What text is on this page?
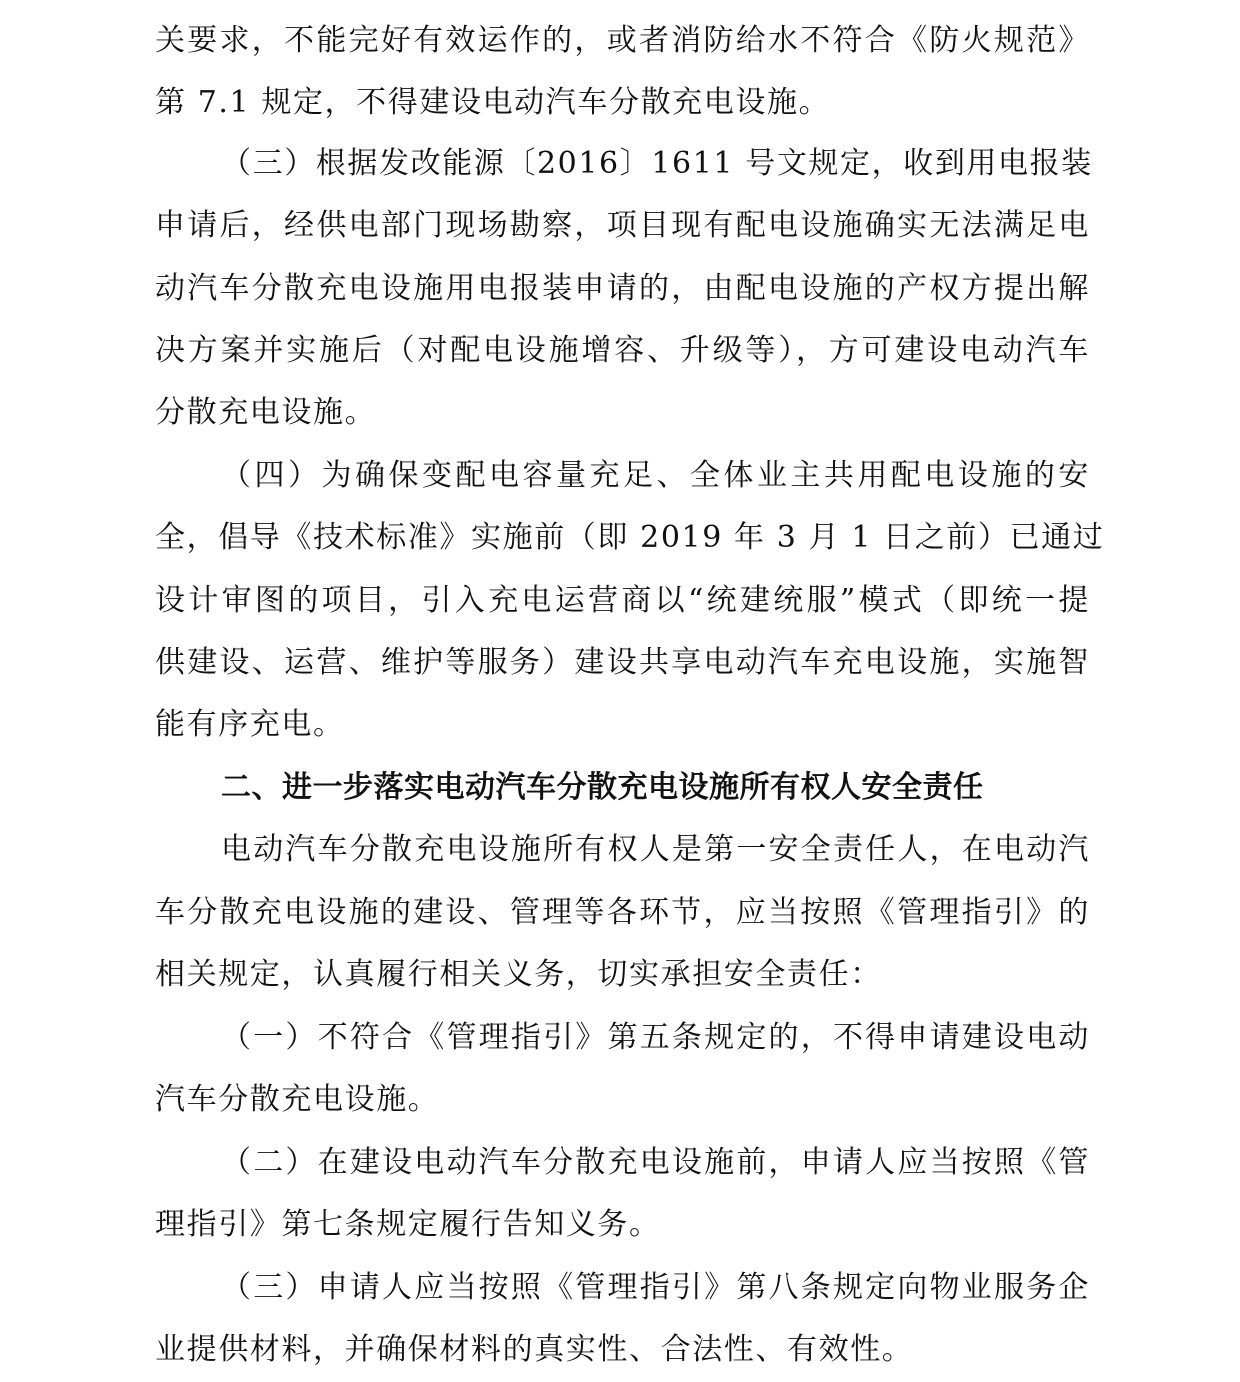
关要求，不能完好有效运作的，或者消防给水不符合《防火规范》
第 7.1 规定，不得建设电动汽车分散充电设施。
（三）根据发改能源〔2016〕1611 号文规定，收到用电报装
申请后，经供电部门现场勘察，项目现有配电设施确实无法满足电
动汽车分散充电设施用电报装申请的，由配电设施的产权方提出解
决方案并实施后（对配电设施增容、升级等），方可建设电动汽车
分散充电设施。
（四）为确保变配电容量充足、全体业主共用配电设施的安
全，倡导《技术标准》实施前（即 2019 年 3 月 1 日之前）已通过
设计审图的项目，引入充电运营商以“统建统服”模式（即统一提
供建设、运营、维护等服务）建设共享电动汽车充电设施，实施智
能有序充电。
二、进一步落实电动汽车分散充电设施所有权人安全责任
电动汽车分散充电设施所有权人是第一安全责任人，在电动汽
车分散充电设施的建设、管理等各环节，应当按照《管理指引》的
相关规定，认真履行相关义务，切实承担安全责任：
（一）不符合《管理指引》第五条规定的，不得申请建设电动
汽车分散充电设施。
（二）在建设电动汽车分散充电设施前，申请人应当按照《管
理指引》第七条规定履行告知义务。
（三）申请人应当按照《管理指引》第八条规定向物业服务企
业提供材料，并确保材料的真实性、合法性、有效性。
